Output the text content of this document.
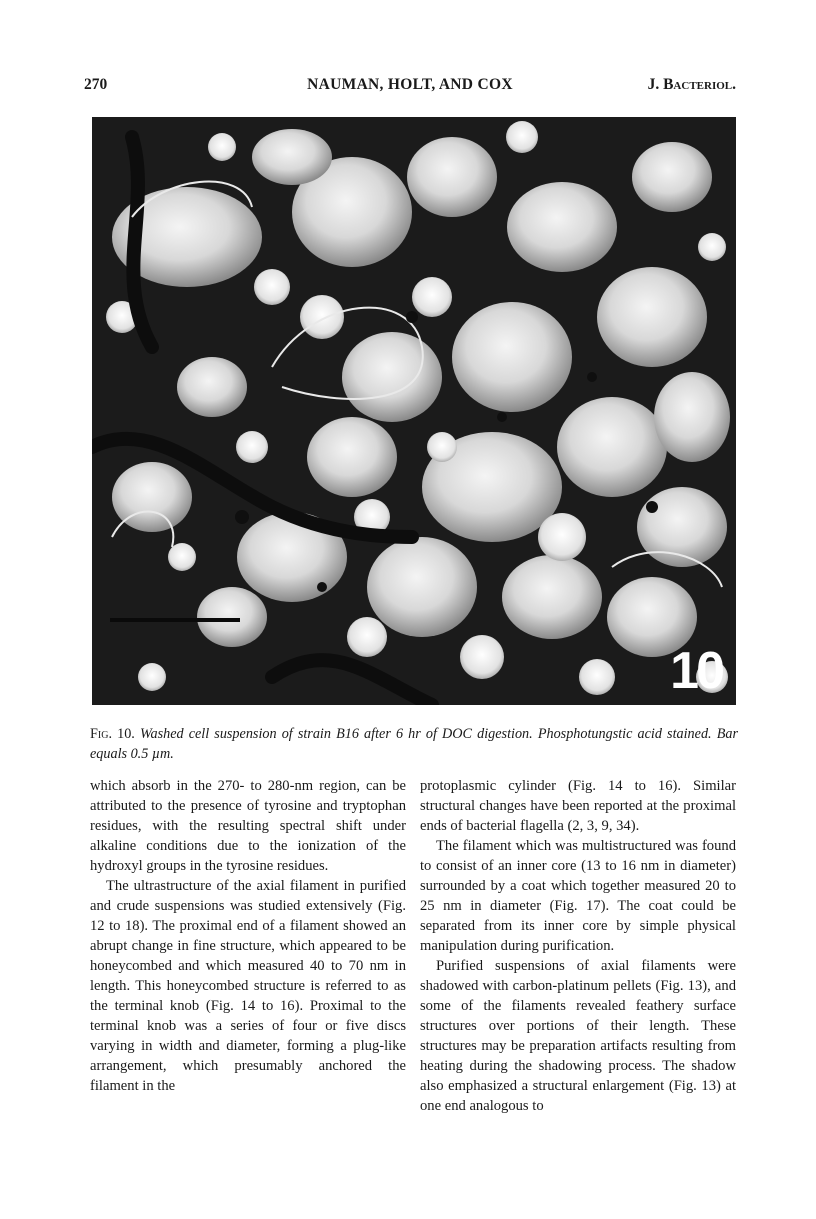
270	NAUMAN, HOLT, AND COX	J. Bacteriol.
10
Fig. 10. Washed cell suspension of strain B16 after 6 hr of DOC digestion. Phosphotungstic acid stained. Bar equals 0.5 µm.

which absorb in the 270- to 280-nm region, can be attributed to the presence of tyrosine and tryptophan residues, with the resulting spectral shift under alkaline conditions due to the ionization of the hydroxyl groups in the tyrosine residues.

The ultrastructure of the axial filament in purified and crude suspensions was studied extensively (Fig. 12 to 18). The proximal end of a filament showed an abrupt change in fine structure, which appeared to be honeycombed and which measured 40 to 70 nm in length. This honeycombed structure is referred to as the terminal knob (Fig. 14 to 16). Proximal to the terminal knob was a series of four or five discs varying in width and diameter, forming a plug-like arrangement, which presumably anchored the filament in the

protoplasmic cylinder (Fig. 14 to 16). Similar structural changes have been reported at the proximal ends of bacterial flagella (2, 3, 9, 34).

The filament which was multistructured was found to consist of an inner core (13 to 16 nm in diameter) surrounded by a coat which together measured 20 to 25 nm in diameter (Fig. 17). The coat could be separated from its inner core by simple physical manipulation during purification.

Purified suspensions of axial filaments were shadowed with carbon-platinum pellets (Fig. 13), and some of the filaments revealed feathery surface structures over portions of their length. These structures may be preparation artifacts resulting from heating during the shadowing process. The shadow also emphasized a structural enlargement (Fig. 13) at one end analogous to
